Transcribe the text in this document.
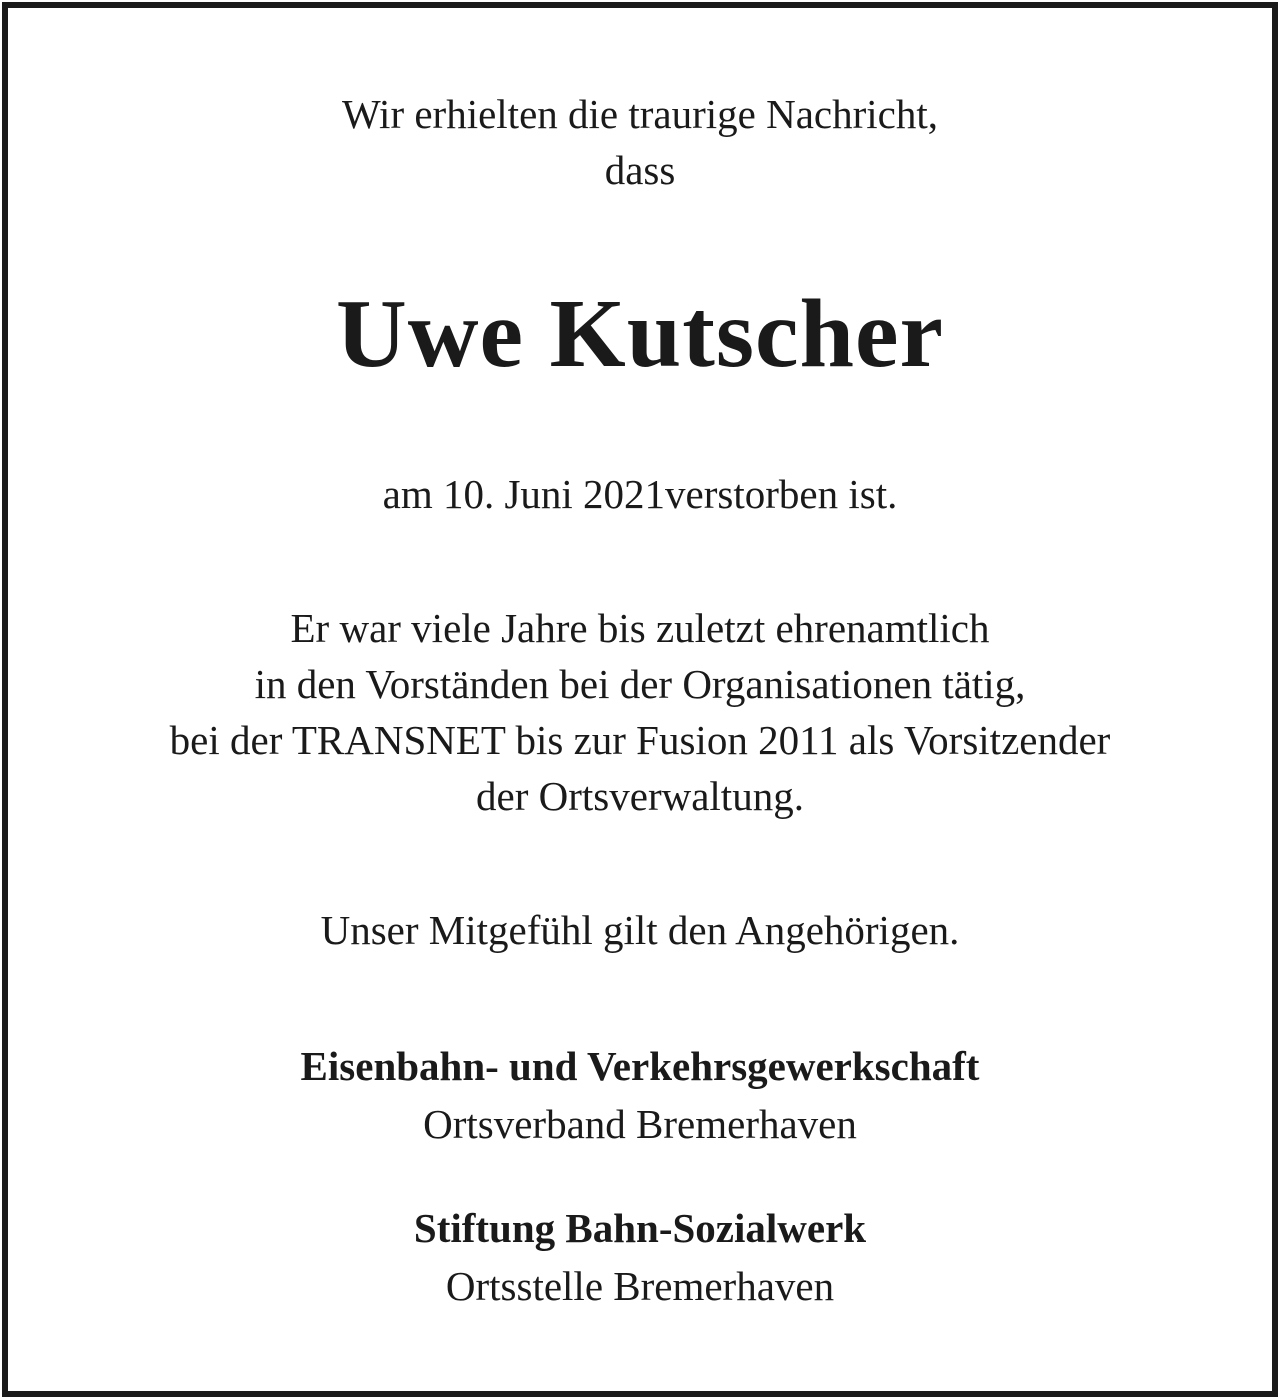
Wir erhielten die traurige Nachricht,
dass
Uwe Kutscher
am 10. Juni 2021verstorben ist.
Er war viele Jahre bis zuletzt ehrenamtlich
in den Vorständen bei der Organisationen tätig,
bei der TRANSNET bis zur Fusion 2011 als Vorsitzender
der Ortsverwaltung.
Unser Mitgefühl gilt den Angehörigen.
Eisenbahn- und Verkehrsgewerkschaft
Ortsverband Bremerhaven
Stiftung Bahn-Sozialwerk
Ortsstelle Bremerhaven
